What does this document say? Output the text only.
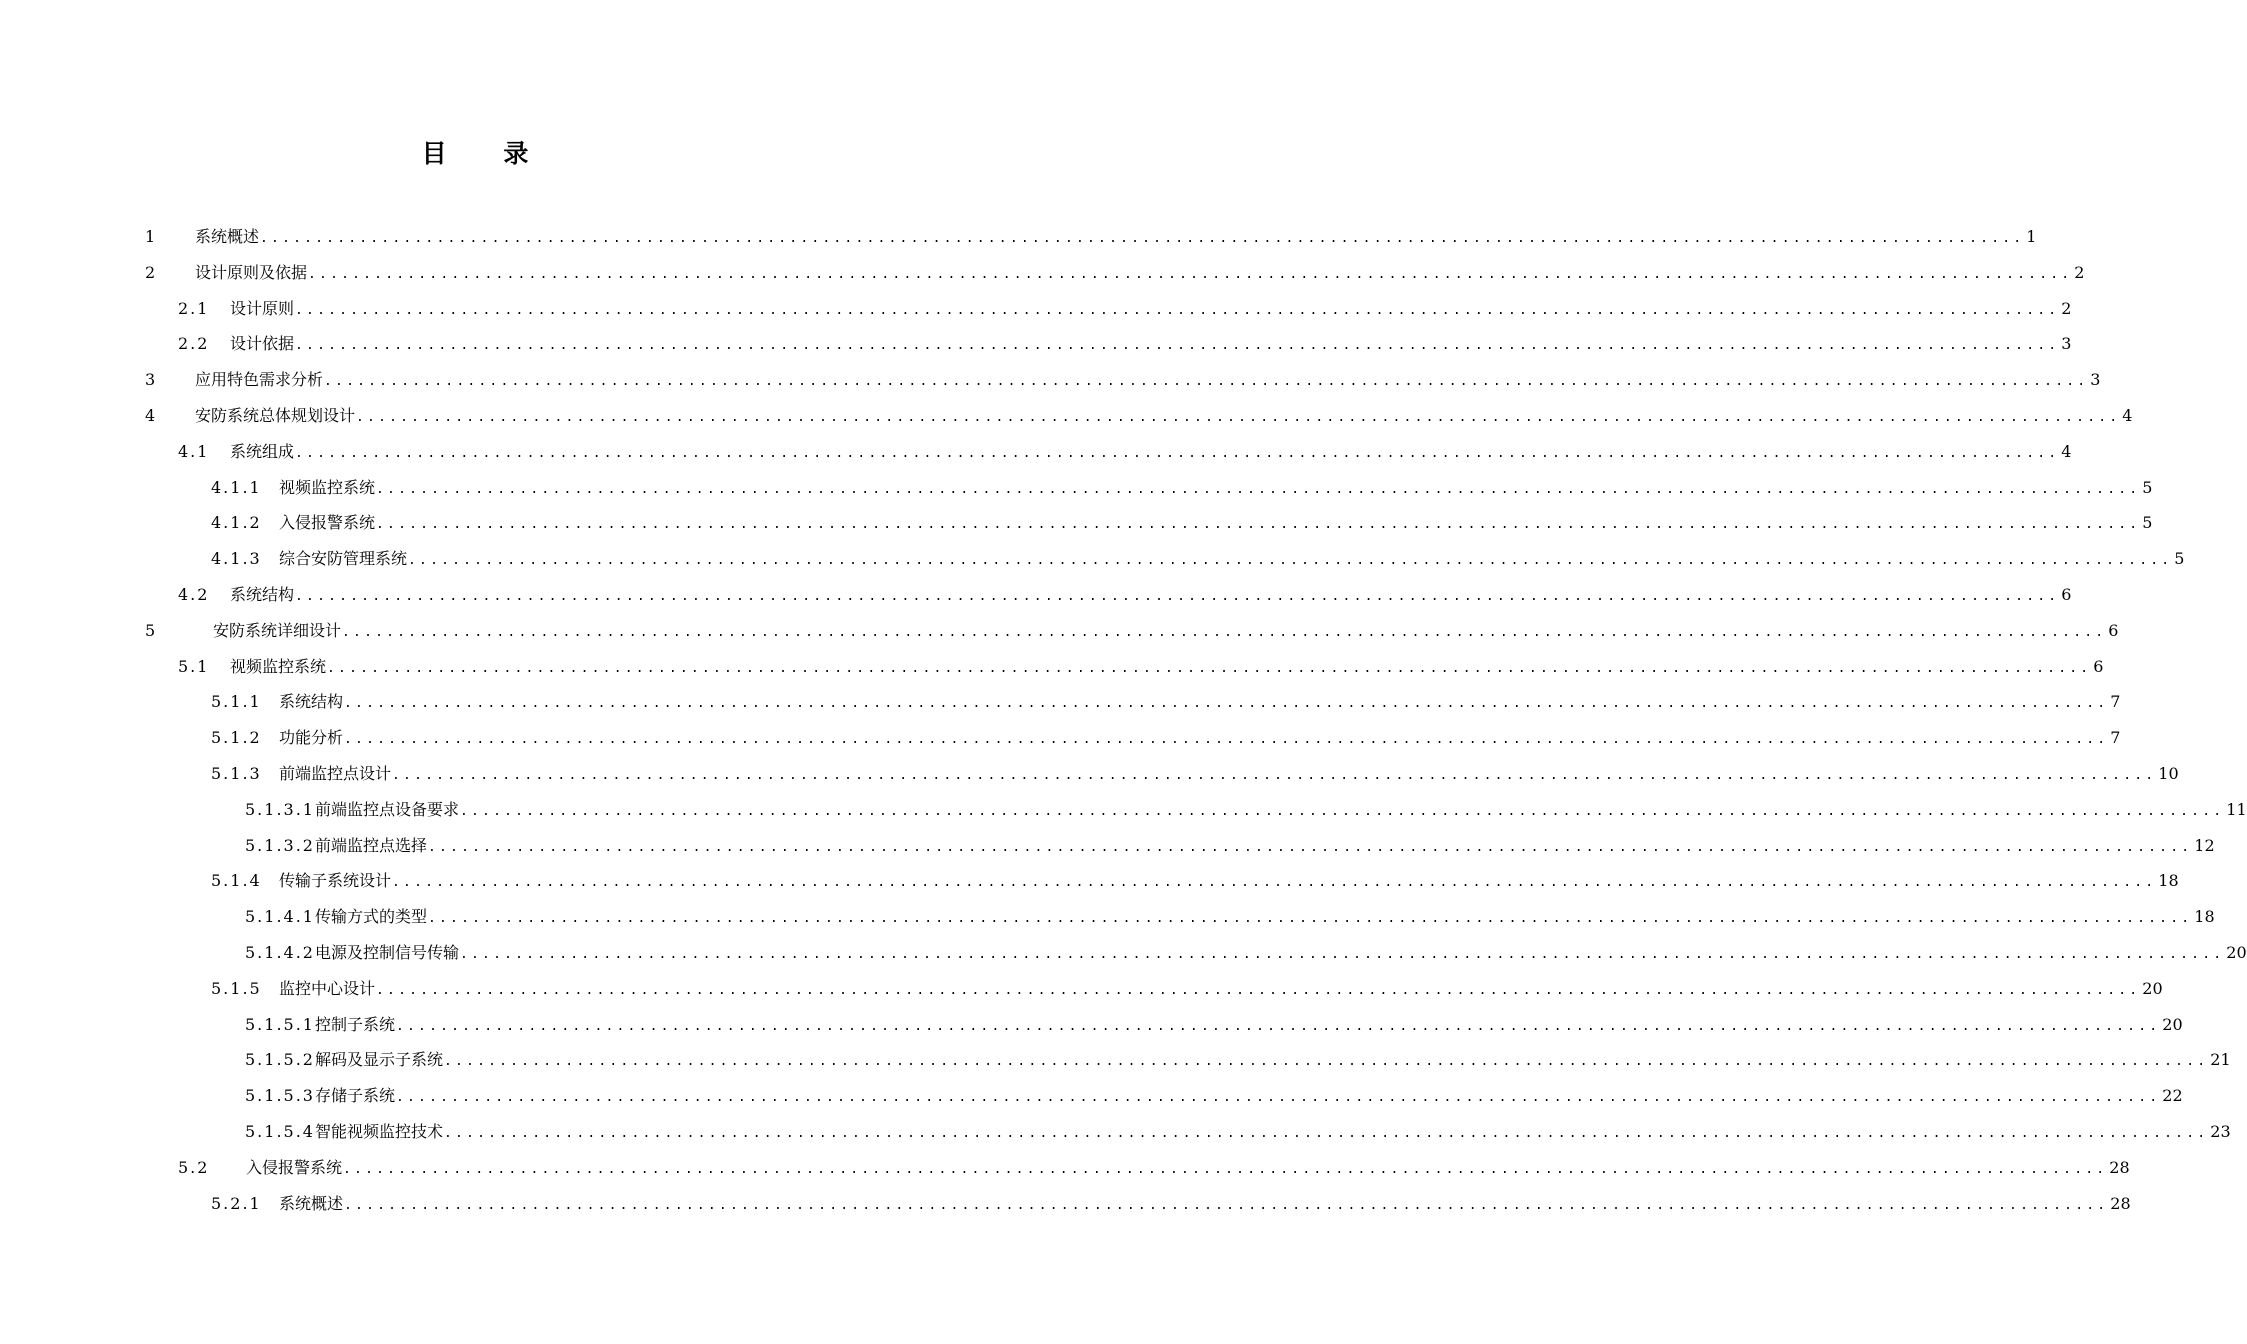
目 录
1	系统概述 ................................................................................................................................................................ 1
2	设计原则及依据 ................................................................................................................................................................ 2
2.1	设计原则 ................................................................................................................................................................ 2
2.2	设计依据 ................................................................................................................................................................ 3
3	应用特色需求分析 ................................................................................................................................................................ 3
4	安防系统总体规划设计 ................................................................................................................................................................ 4
4.1	系统组成 ................................................................................................................................................................ 4
4.1.1	视频监控系统 ................................................................................................................................................................ 5
4.1.2	入侵报警系统 ................................................................................................................................................................ 5
4.1.3	综合安防管理系统 ................................................................................................................................................................ 5
4.2	系统结构 ................................................................................................................................................................ 6
5	安防系统详细设计 ................................................................................................................................................................ 6
5.1	视频监控系统 ................................................................................................................................................................ 6
5.1.1	系统结构 ................................................................................................................................................................ 7
5.1.2	功能分析 ................................................................................................................................................................ 7
5.1.3	前端监控点设计 ................................................................................................................................................................ 10
5.1.3.1 前端监控点设备要求 ................................................................................................................................................................ 11
5.1.3.2 前端监控点选择 ................................................................................................................................................................ 12
5.1.4	传输子系统设计 ................................................................................................................................................................ 18
5.1.4.1 传输方式的类型 ................................................................................................................................................................ 18
5.1.4.2 电源及控制信号传输 ................................................................................................................................................................ 20
5.1.5	监控中心设计 ................................................................................................................................................................ 20
5.1.5.1 控制子系统 ................................................................................................................................................................ 20
5.1.5.2 解码及显示子系统 ................................................................................................................................................................ 21
5.1.5.3 存储子系统 ................................................................................................................................................................ 22
5.1.5.4 智能视频监控技术 ................................................................................................................................................................ 23
5.2	入侵报警系统 ................................................................................................................................................................ 28
5.2.1	系统概述 ................................................................................................................................................................ 28
